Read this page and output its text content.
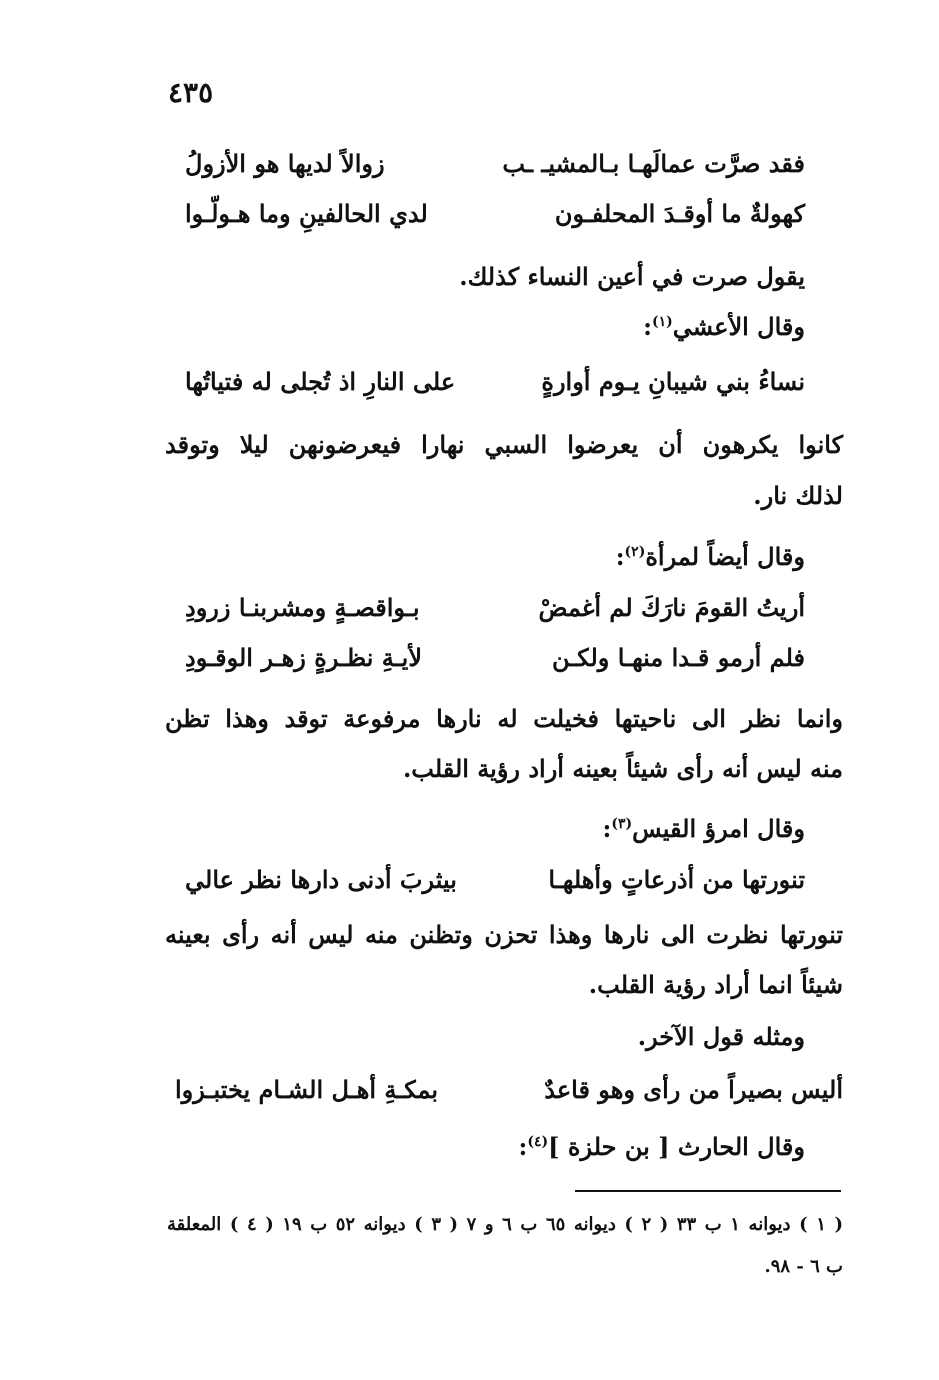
٤٣٥
فقد صرَّت عمالَهـا بـالمشيـ ـب
زوالاً لديها هو الأزولُ
كهولةٌ ما أوقـدَ المحلفـون
لدي الحالفينِ وما هـولّـوا
يقول صرت في أعين النساء كذلك.
وقال الأعشي$^{(١)}$:
نساءُ بني شيبانِ يـوم أوارةٍ
على النارِ اذ تُجلى له فتياتُها
كانوا يكرهون أن يعرضوا السبي نهارا فيعرضونهن ليلا وتوقد
لذلك نار.
وقال أيضاً لمرأة$^{(٢)}$:
أريتُ القومَ نارَكَ لم أغمضْ
بـواقصـةٍ ومشربنـا زرودِ
فلم أرمو قـدا منهـا ولكـن
لأيـةِ نظـرةٍ زهـر الوقـودِ
وانما نظر الى ناحيتها فخيلت له نارها مرفوعة توقد وهذا تظن
منه ليس أنه رأى شيئاً بعينه أراد رؤية القلب.
وقال امرؤ القيس$^{(٣)}$:
تنورتها من أذرعاتٍ وأهلهـا
بيثربَ أدنى دارها نظر عالي
تنورتها نظرت الى نارها وهذا تحزن وتظنن منه ليس أنه رأى بعينه
شيئاً انما أراد رؤية القلب.
ومثله قول الآخر.
أليس بصيراً من رأى وهو قاعدٌ
بمكـةِ أهـل الشـام يختبـزوا
وقال الحارث [ بن حلزة ]$^{(٤)}$:
( ١ ) ديوانه ١ ب ٣٣ ( ٢ ) ديوانه ٦٥ ب ٦ و ٧ ( ٣ ) ديوانه ٥٢ ب ١٩ ( ٤ ) المعلقة
ب ٦ - ٩٨.
